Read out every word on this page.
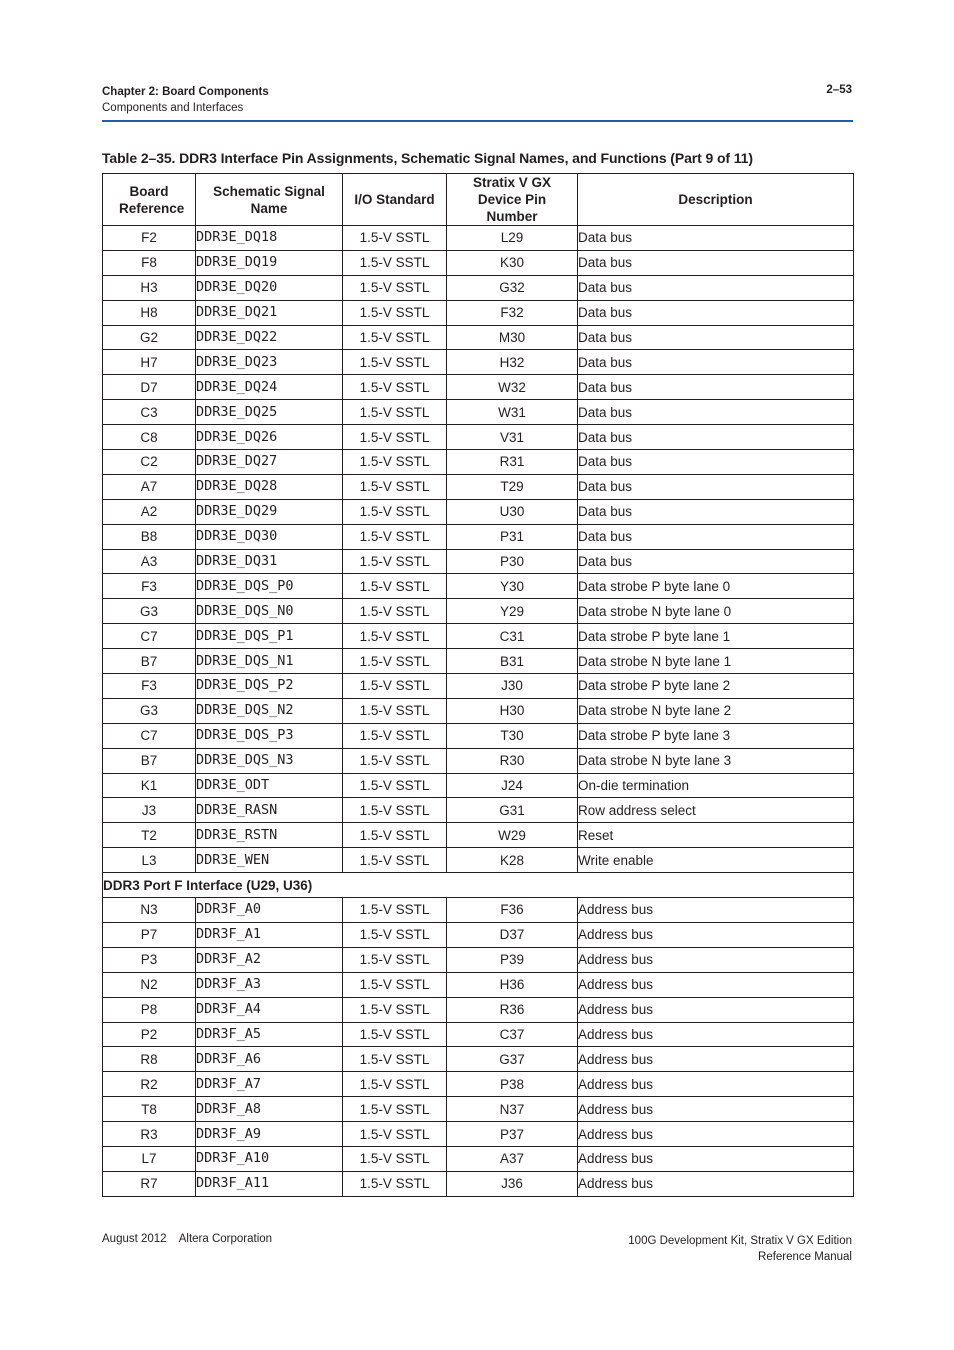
Chapter 2: Board Components
Components and Interfaces
2–53
Table 2–35. DDR3 Interface Pin Assignments, Schematic Signal Names, and Functions (Part 9 of 11)
Board Reference	Schematic Signal Name	I/O Standard	Stratix V GX Device Pin Number	Description
F2	DDR3E_DQ18	1.5-V SSTL	L29	Data bus
F8	DDR3E_DQ19	1.5-V SSTL	K30	Data bus
H3	DDR3E_DQ20	1.5-V SSTL	G32	Data bus
H8	DDR3E_DQ21	1.5-V SSTL	F32	Data bus
G2	DDR3E_DQ22	1.5-V SSTL	M30	Data bus
H7	DDR3E_DQ23	1.5-V SSTL	H32	Data bus
D7	DDR3E_DQ24	1.5-V SSTL	W32	Data bus
C3	DDR3E_DQ25	1.5-V SSTL	W31	Data bus
C8	DDR3E_DQ26	1.5-V SSTL	V31	Data bus
C2	DDR3E_DQ27	1.5-V SSTL	R31	Data bus
A7	DDR3E_DQ28	1.5-V SSTL	T29	Data bus
A2	DDR3E_DQ29	1.5-V SSTL	U30	Data bus
B8	DDR3E_DQ30	1.5-V SSTL	P31	Data bus
A3	DDR3E_DQ31	1.5-V SSTL	P30	Data bus
F3	DDR3E_DQS_P0	1.5-V SSTL	Y30	Data strobe P byte lane 0
G3	DDR3E_DQS_N0	1.5-V SSTL	Y29	Data strobe N byte lane 0
C7	DDR3E_DQS_P1	1.5-V SSTL	C31	Data strobe P byte lane 1
B7	DDR3E_DQS_N1	1.5-V SSTL	B31	Data strobe N byte lane 1
F3	DDR3E_DQS_P2	1.5-V SSTL	J30	Data strobe P byte lane 2
G3	DDR3E_DQS_N2	1.5-V SSTL	H30	Data strobe N byte lane 2
C7	DDR3E_DQS_P3	1.5-V SSTL	T30	Data strobe P byte lane 3
B7	DDR3E_DQS_N3	1.5-V SSTL	R30	Data strobe N byte lane 3
K1	DDR3E_ODT	1.5-V SSTL	J24	On-die termination
J3	DDR3E_RASN	1.5-V SSTL	G31	Row address select
T2	DDR3E_RSTN	1.5-V SSTL	W29	Reset
L3	DDR3E_WEN	1.5-V SSTL	K28	Write enable
DDR3 Port F Interface (U29, U36)				
N3	DDR3F_A0	1.5-V SSTL	F36	Address bus
P7	DDR3F_A1	1.5-V SSTL	D37	Address bus
P3	DDR3F_A2	1.5-V SSTL	P39	Address bus
N2	DDR3F_A3	1.5-V SSTL	H36	Address bus
P8	DDR3F_A4	1.5-V SSTL	R36	Address bus
P2	DDR3F_A5	1.5-V SSTL	C37	Address bus
R8	DDR3F_A6	1.5-V SSTL	G37	Address bus
R2	DDR3F_A7	1.5-V SSTL	P38	Address bus
T8	DDR3F_A8	1.5-V SSTL	N37	Address bus
R3	DDR3F_A9	1.5-V SSTL	P37	Address bus
L7	DDR3F_A10	1.5-V SSTL	A37	Address bus
R7	DDR3F_A11	1.5-V SSTL	J36	Address bus
August 2012    Altera Corporation	100G Development Kit, Stratix V GX Edition
Reference Manual
